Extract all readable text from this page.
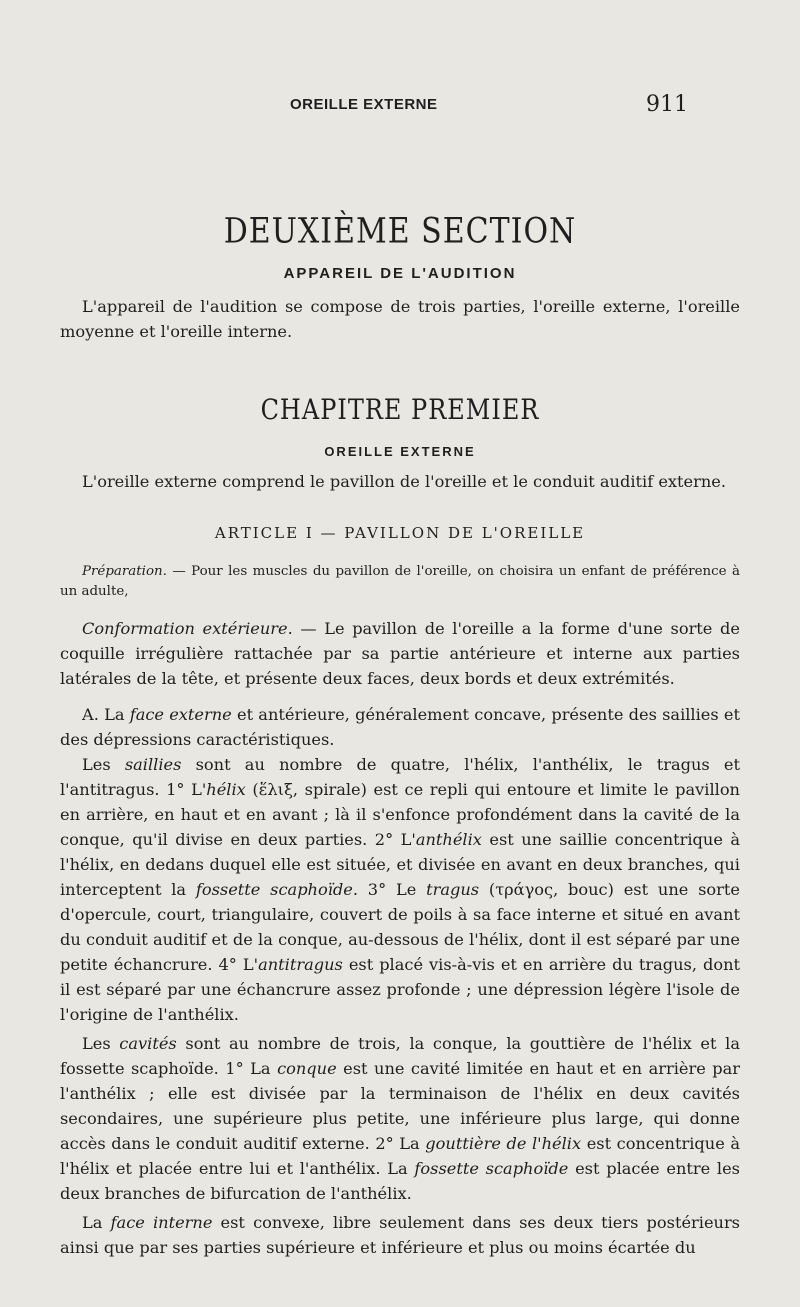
OREILLE EXTERNE	911
DEUXIÈME SECTION
APPAREIL DE L'AUDITION

L'appareil de l'audition se compose de trois parties, l'oreille externe, l'oreille moyenne et l'oreille interne.

CHAPITRE PREMIER
OREILLE EXTERNE

L'oreille externe comprend le pavillon de l'oreille et le conduit auditif externe.

ARTICLE I — PAVILLON DE L'OREILLE

Préparation. — Pour les muscles du pavillon de l'oreille, on choisira un enfant de préférence à un adulte,

Conformation extérieure. — Le pavillon de l'oreille a la forme d'une sorte de coquille irrégulière rattachée par sa partie antérieure et interne aux parties latérales de la tête, et présente deux faces, deux bords et deux extrémités.

A. La face externe et antérieure, généralement concave, présente des saillies et des dépressions caractéristiques.

Les saillies sont au nombre de quatre, l'hélix, l'anthélix, le tragus et l'antitragus. 1° L'hélix (ἕλιξ, spirale) est ce repli qui entoure et limite le pavillon en arrière, en haut et en avant ; là il s'enfonce profondément dans la cavité de la conque, qu'il divise en deux parties. 2° L'anthélix est une saillie concentrique à l'hélix, en dedans duquel elle est située, et divisée en avant en deux branches, qui interceptent la fossette scaphoïde. 3° Le tragus (τράγος, bouc) est une sorte d'opercule, court, triangulaire, couvert de poils à sa face interne et situé en avant du conduit auditif et de la conque, au-dessous de l'hélix, dont il est séparé par une petite échancrure. 4° L'antitragus est placé vis-à-vis et en arrière du tragus, dont il est séparé par une échancrure assez profonde ; une dépression légère l'isole de l'origine de l'anthélix.

Les cavités sont au nombre de trois, la conque, la gouttière de l'hélix et la fossette scaphoïde. 1° La conque est une cavité limitée en haut et en arrière par l'anthélix ; elle est divisée par la terminaison de l'hélix en deux cavités secondaires, une supérieure plus petite, une inférieure plus large, qui donne accès dans le conduit auditif externe. 2° La gouttière de l'hélix est concentrique à l'hélix et placée entre lui et l'anthélix. La fossette scaphoïde est placée entre les deux branches de bifurcation de l'anthélix.

La face interne est convexe, libre seulement dans ses deux tiers postérieurs ainsi que par ses parties supérieure et inférieure et plus ou moins écartée du
